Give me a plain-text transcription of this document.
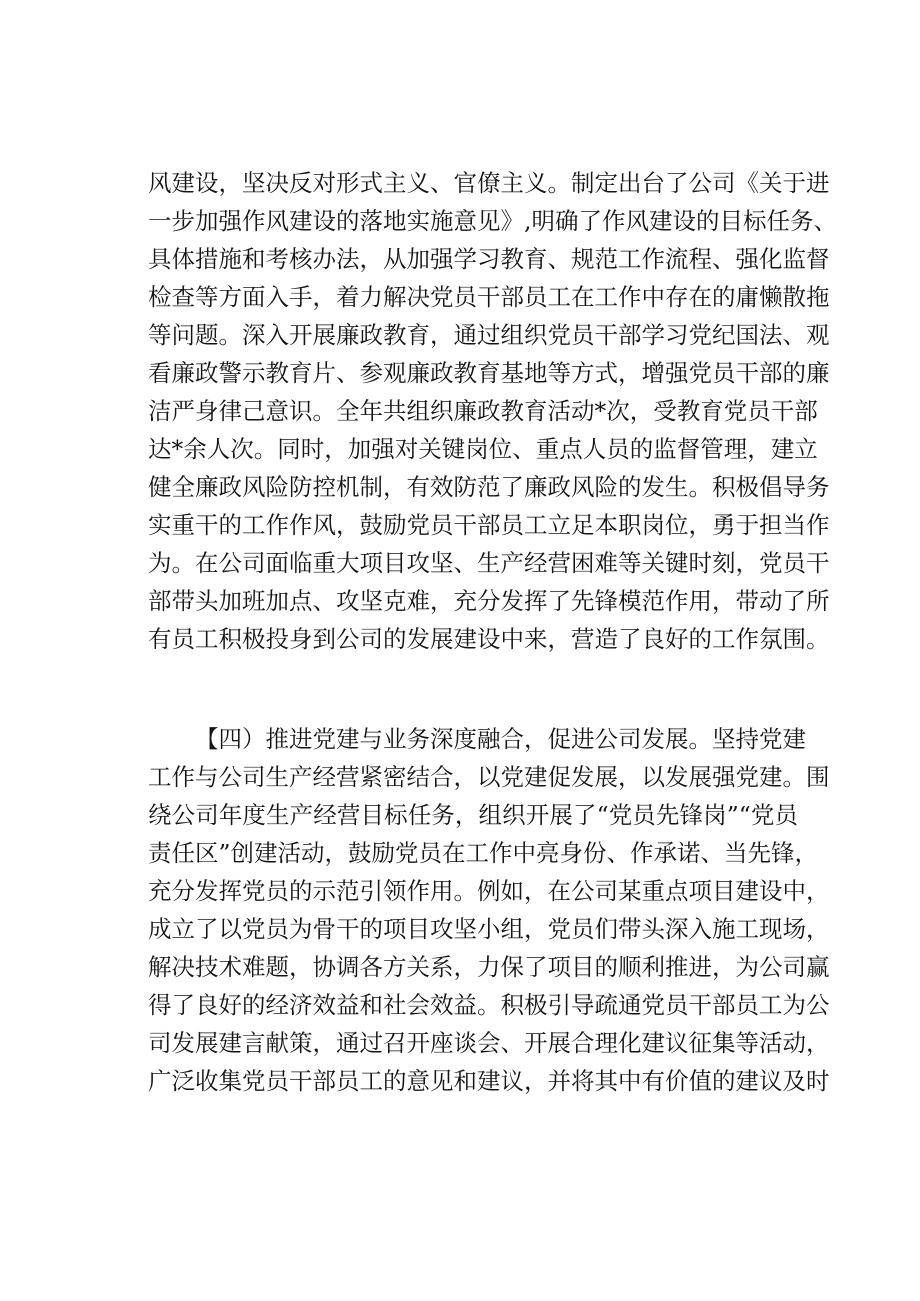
风建设，坚决反对形式主义、官僚主义。制定出台了公司《关于进
一步加强作风建设的落地实施意见》,明确了作风建设的目标任务、
具体措施和考核办法，从加强学习教育、规范工作流程、强化监督
检查等方面入手，着力解决党员干部员工在工作中存在的庸懒散拖
等问题。深入开展廉政教育，通过组织党员干部学习党纪国法、观
看廉政警示教育片、参观廉政教育基地等方式，增强党员干部的廉
洁严身律己意识。全年共组织廉政教育活动*次，受教育党员干部
达*余人次。同时，加强对关键岗位、重点人员的监督管理，建立
健全廉政风险防控机制，有效防范了廉政风险的发生。积极倡导务
实重干的工作作风，鼓励党员干部员工立足本职岗位，勇于担当作
为。在公司面临重大项目攻坚、生产经营困难等关键时刻，党员干
部带头加班加点、攻坚克难，充分发挥了先锋模范作用，带动了所
有员工积极投身到公司的发展建设中来，营造了良好的工作氛围。
【四）推进党建与业务深度融合，促进公司发展。坚持党建
工作与公司生产经营紧密结合，以党建促发展，以发展强党建。围
绕公司年度生产经营目标任务，组织开展了“党员先锋岗”“党员
责任区”创建活动，鼓励党员在工作中亮身份、作承诺、当先锋，
充分发挥党员的示范引领作用。例如，在公司某重点项目建设中，
成立了以党员为骨干的项目攻坚小组，党员们带头深入施工现场，
解决技术难题，协调各方关系，力保了项目的顺利推进，为公司赢
得了良好的经济效益和社会效益。积极引导疏通党员干部员工为公
司发展建言献策，通过召开座谈会、开展合理化建议征集等活动，
广泛收集党员干部员工的意见和建议，并将其中有价值的建议及时
